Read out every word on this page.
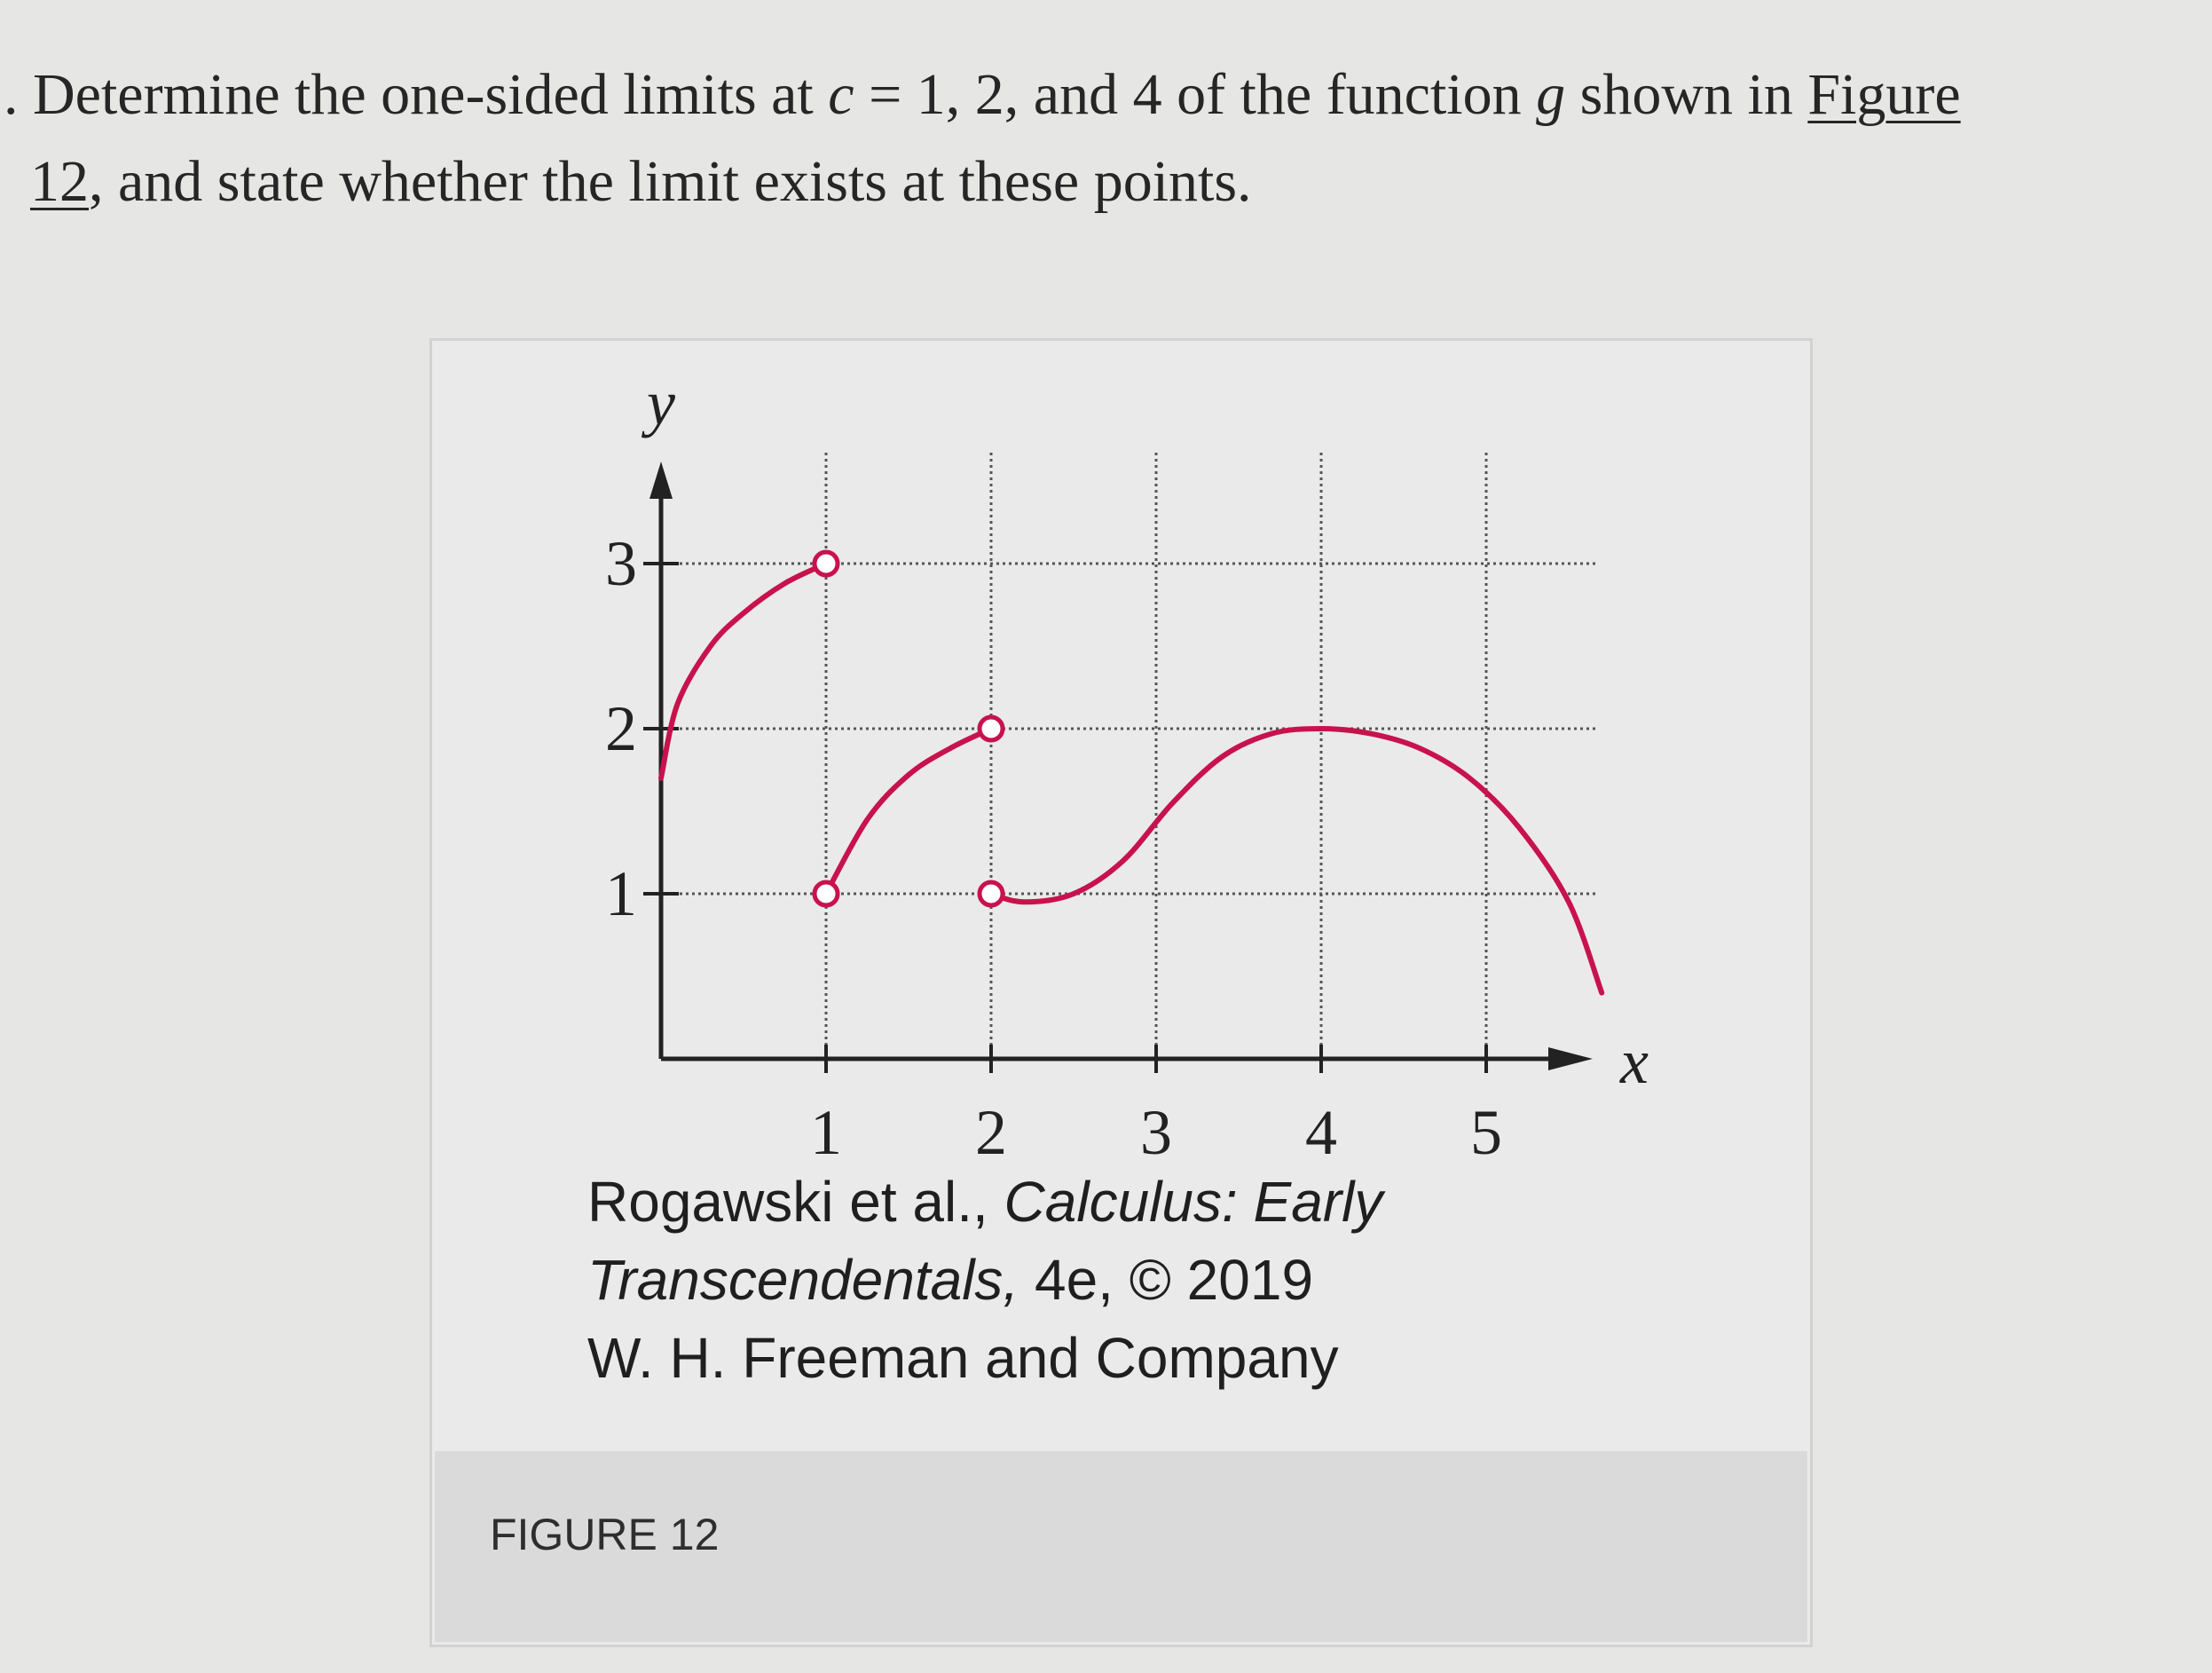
. Determine the one-sided limits at c = 1, 2, and 4 of the function g shown in Figure
12, and state whether the limit exists at these points.
1 2 3 4 5
1
2
3
x
y
Rogawski et al., Calculus: Early
Transcendentals, 4e, © 2019
W. H. Freeman and Company
FIGURE 12
